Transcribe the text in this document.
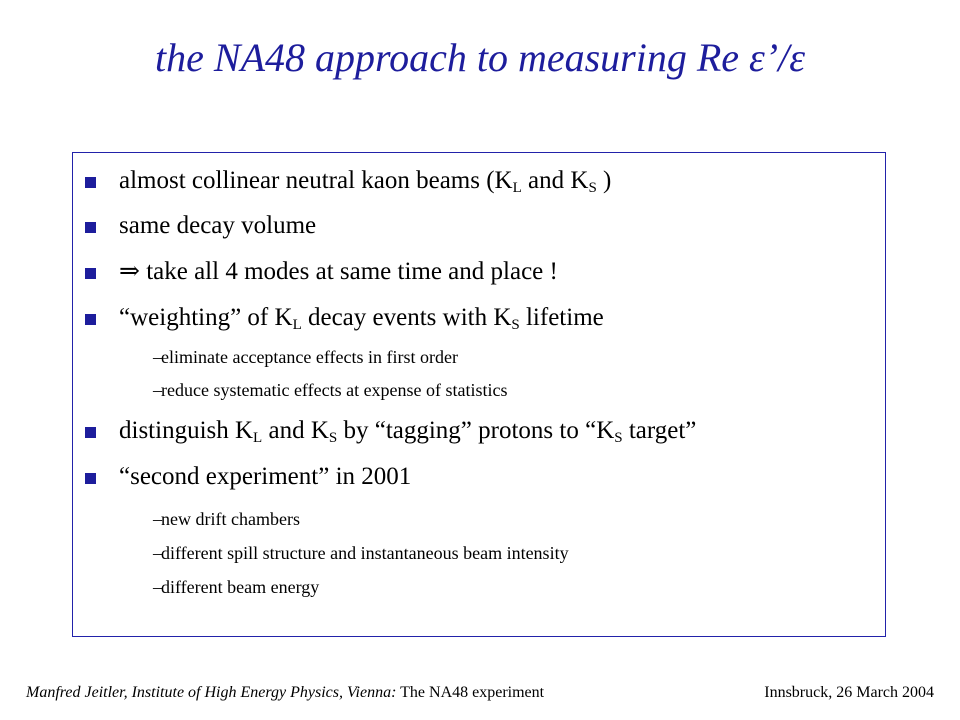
the NA48 approach to measuring Re ε’/ε
almost collinear neutral kaon beams ($K_L$ and $K_S$ )
same decay volume
⇒ take all 4 modes at same time and place !
“weighting” of $K_L$ decay events with $K_S$ lifetime
– eliminate acceptance effects in first order
– reduce systematic effects at expense of statistics
distinguish $K_L$ and $K_S$ by “tagging” protons to “$K_S$ target”
“second experiment” in 2001
– new drift chambers
– different spill structure and instantaneous beam intensity
– different beam energy
Manfred Jeitler, Institute of High Energy Physics, Vienna: The NA48 experiment	Innsbruck, 26 March 2004
